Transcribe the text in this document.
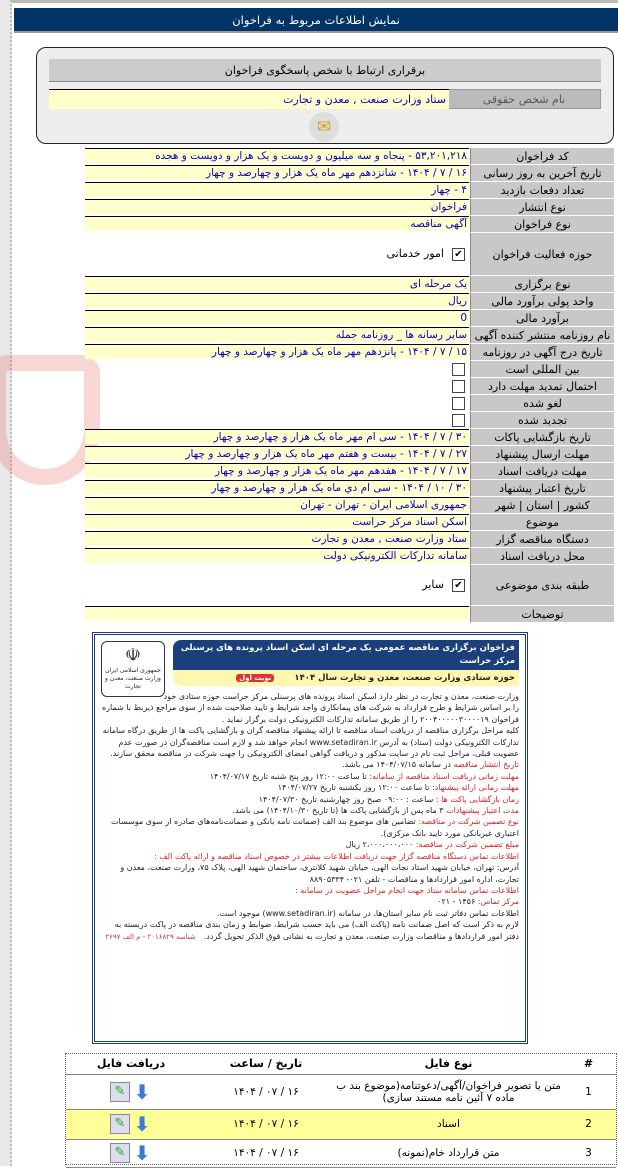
نمایش اطلاعات مربوط به فراخوان
برقراری ارتباط با شخص پاسخگوی فراخوان
نام شخص حقوقی
ستاد وزارت صنعت , معدن و تجارت
✉
کد فراخوان
۵۳,۲۰۱,۲۱۸ - پنجاه و سه میلیون و دویست و یک هزار و دویست و هجده
تاریخ آخرین به روز رسانی
۱۶ / ۷ / ۱۴۰۴ - شانزدهم مهر ماه یک هزار و چهارصد و چهار
تعداد دفعات بازدید
۴ - چهار
نوع انتشار
فراخوان
نوع فراخوان
آگهی مناقصه
حوزه فعالیت فراخوان
✔
امور خدماتی
نوع برگزاری
یک مرحله ای
واحد پولی برآورد مالی
ریال
برآورد مالی
0
نام روزنامه منتشر کننده آگهی
سایر رسانه ها _ روزنامه جمله
تاریخ درج آگهی در روزنامه
۱۵ / ۷ / ۱۴۰۴ - پانزدهم مهر ماه یک هزار و چهارصد و چهار
بین المللی است
احتمال تمدید مهلت دارد
لغو شده
تجدید شده
تاریخ بازگشایی پاکات
۳۰ / ۷ / ۱۴۰۴ - سی ام مهر ماه یک هزار و چهارصد و چهار
مهلت ارسال پیشنهاد
۲۷ / ۷ / ۱۴۰۴ - بیست و هفتم مهر ماه یک هزار و چهارصد و چهار
مهلت دریافت اسناد
۱۷ / ۷ / ۱۴۰۴ - هفدهم مهر ماه یک هزار و چهارصد و چهار
تاریخ اعتبار پیشنهاد
۳۰ / ۱۰ / ۱۴۰۴ - سی ام دي ماه یک هزار و چهارصد و چهار
کشور | استان | شهر
جمهوری اسلامی ایران - تهران - تهران
موضوع
اسکن اسناد مرکز حراست
دستگاه مناقصه گزار
ستاد وزارت صنعت , معدن و تجارت
محل دریافت اسناد
سامانه تدارکات الکترونیکی دولت
طبقه بندی موضوعی
✔
سایر
توضیحات
☫
جمهوری اسلامی ایران
وزارت صنعت، معدن و تجارت
فراخوان برگزاری مناقصه عمومی یک مرحله ای اسکن اسناد پرونده های پرسنلی مرکز حراست
حوزه ستادی وزارت صنعت، معدن و تجارت سال ۱۴۰۴نوبت اول
وزارت صنعت، معدن و تجارت در نظر دارد اسکن اسناد پرونده های پرسنلی مرکز حراست حوزه ستادی خود
را بر اساس شرایط و طرح قرارداد به شرکت های پیمانکاری واجد شرایط و تایید صلاحیت شده از سوی مراجع ذیربط با شماره
فراخوان ۲۰۰۴۰۰۰۰۰۳۰۰۰۰۱۹ را از طریق سامانه تدارکات الکترونیکی دولت برگزار نماید .
کلیه مراحل برگزاری مناقصه از دریافت اسناد مناقصه تا ارائه پیشنهاد مناقصه گران و بازگشایی پاکت ها از طریق درگاه سامانه
تدارکات الکترونیکی دولت (ستاد) به آدرس www.setadiran.ir انجام خواهد شد و لازم است مناقصه‌گران در صورت عدم
عضویت قبلی، مراحل ثبت نام در سایت مذکور و دریافت گواهی امضای الکترونیکی را جهت شرکت در مناقصه محقق سازند.
تاریخ انتشار مناقصه در سامانه ۱۴۰۴/۰۷/۱۵ می باشد.
مهلت زمانی دریافت اسناد مناقصه از سامانه: تا ساعت ۱۲:۰۰ روز پنج شنبه تاریخ ۱۴۰۴/۰۷/۱۷
مهلت زمانی ارائه پیشنهاد: تا ساعت ۱۲:۰۰ روز یکشنبه تاریخ ۱۴۰۴/۰۷/۲۷
زمان بازگشایی پاکت ها : ساعت : ۰۹:۰۰ صبح روز چهارشنبه تاریخ ۱۴۰۴/۰۷/۳۰
مدت اعتبار پیشنهادات ۳ ماه پس از بازگشایی پاکت ها (تا تاریخ ۱۴۰۴/۱۰/۳۰) می باشد.
نوع تضمین شرکت در مناقصه: تضامین های موضوع بند الف (ضمانت نامه بانکی و ضمانت‌نامه‌های صادره از سوی موسسات اعتباری غیربانکی مورد تایید بانک مرکزی).
مبلغ تضمین شرکت در مناقصه: ۲،۰۰۰،۰۰۰،۰۰۰ ریال
اطلاعات تماس دستگاه مناقصه گزار جهت دریافت اطلاعات بیشتر در خصوص اسناد مناقصه و ارائه پاکت الف :
آدرس: تهران، خیابان شهید استاد نجات الهی، خیابان شهید کلانتری، ساختمان شهید الهی، پلاک ۷۵، وزارت صنعت، معدن و تجارت، اداره امور قراردادها و مناقصات - تلفن ۰۲۱- ۸۸۹۰۵۳۳۴
اطلاعات تماس سامانه ستاد جهت انجام مراحل عضویت در سامانه :
مرکز تماس: ۱۴۵۶ - ۰۲۱
اطلاعات تماس دفاتر ثبت نام سایر استان‌ها، در سامانه (www.setadiran.ir) موجود است.
لازم به ذکر است که اصل ضمانت نامه (پاکت الف) می باید حسب شرایط، ضوابط و زمان بندی مناقصه در پاکت دربسته به دفتر امور قراردادها و مناقصات وزارت صنعت، معدن و تجارت به نشانی فوق الذکر تحویل گردد.شناسه ۲۰۱۶۸۲۹ - م الف ۲۶۹۷
#	نوع فایل	تاریخ / ساعت	دریافت فایل
1	متن یا تصویر فراخوان/آگهی/دعوتنامه(موضوع بند ب ماده ۷ آئین نامه مستند سازی)	۱۶ / ۰۷ / ۱۴۰۴	✎ ⬇

2	اسناد	۱۶ / ۰۷ / ۱۴۰۴	✎ ⬇

3	متن قرارداد خام(نمونه)	۱۶ / ۰۷ / ۱۴۰۴	✎ ⬇
